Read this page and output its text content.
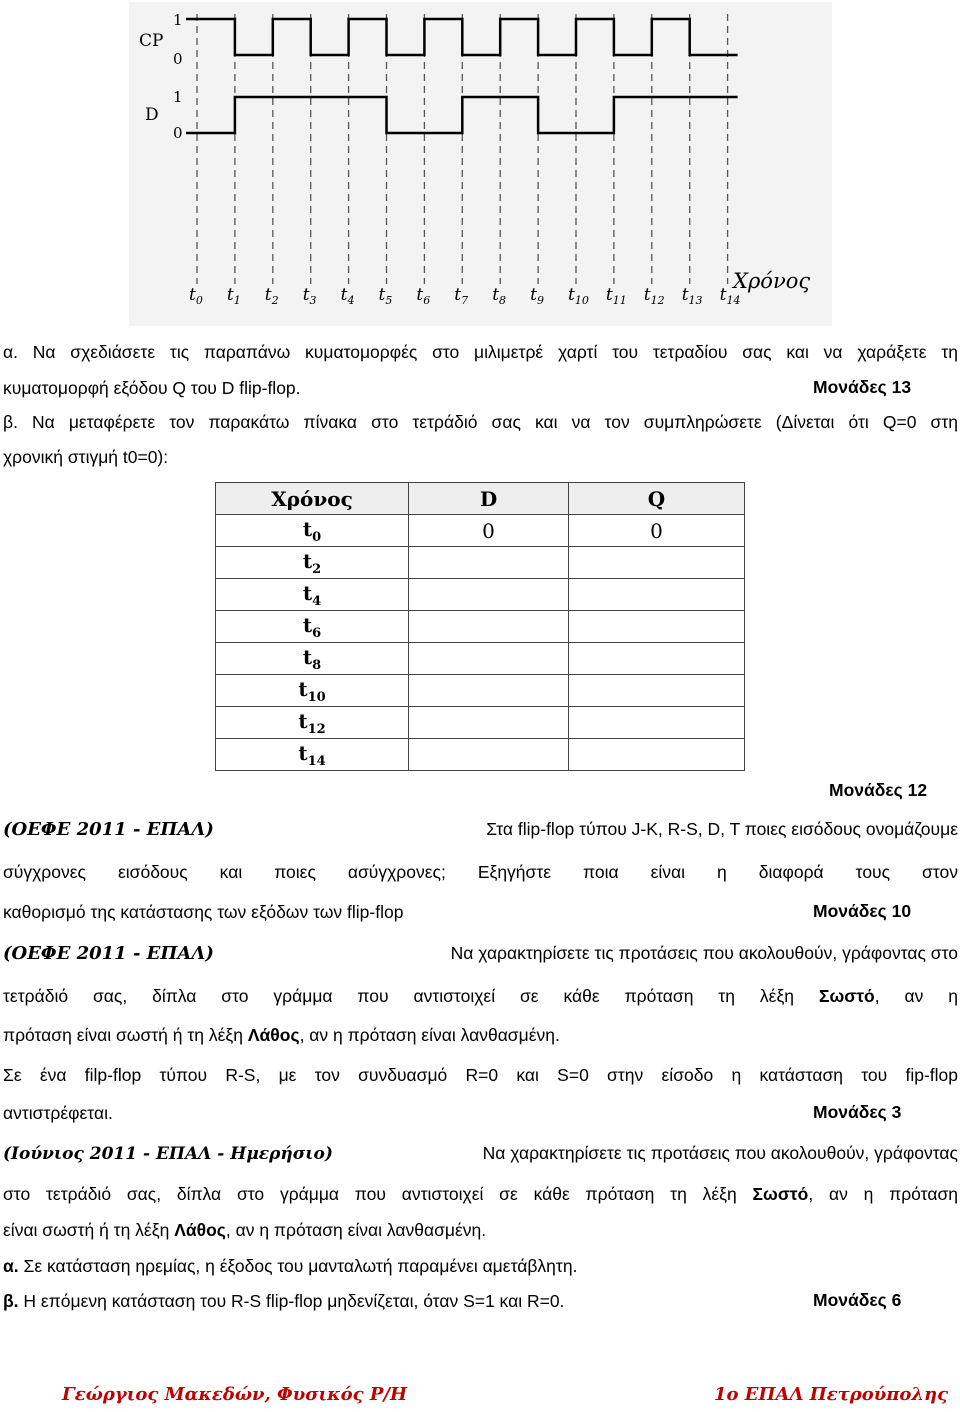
CP
1
0
D
1
0
$t_0$ $t_1$ $t_2$ $t_3$ $t_4$ $t_5$ $t_6$ $t_7$ $t_8$ $t_9$ $t_{10}$ $t_{11}$ $t_{12}$ $t_{13}$ $t_{14}$
Χρόνος
α. Να σχεδιάσετε τις παραπάνω κυματομορφές στο μιλιμετρέ χαρτί του τετραδίου σας και να χαράξετε τη
κυματομορφή εξόδου Q του D flip-flop.	Μονάδες 13
β. Να μεταφέρετε τον παρακάτω πίνακα στο τετράδιό σας και να τον συμπληρώσετε (Δίνεται ότι Q=0 στη
χρονική στιγμή t0=0):
Χρόνος	D	Q
$t_0$	0	0
$t_2$		
$t_4$		
$t_6$		
$t_8$		
$t_{10}$		
$t_{12}$		
$t_{14}$		
Μονάδες 12
(ΟΕΦΕ 2011 - ΕΠΑΛ)	Στα flip-flop τύπου J-K, R-S, D, T ποιες εισόδους ονομάζουμε
σύγχρονες εισόδους και ποιες ασύγχρονες; Εξηγήστε ποια είναι η διαφορά τους στον
καθορισμό της κατάστασης των εξόδων των flip-flop	Μονάδες 10
(ΟΕΦΕ 2011 - ΕΠΑΛ)	Να χαρακτηρίσετε τις προτάσεις που ακολουθούν, γράφοντας στο
τετράδιό σας, δίπλα στο γράμμα που αντιστοιχεί σε κάθε πρόταση τη λέξη Σωστό, αν η
πρόταση είναι σωστή ή τη λέξη Λάθος, αν η πρόταση είναι λανθασμένη.
Σε ένα filp-flop τύπου R-S, με τον συνδυασμό R=0 και S=0 στην είσοδο η κατάσταση του fip-flop
αντιστρέφεται.	Μονάδες 3
(Ιούνιος 2011 - ΕΠΑΛ - Ημερήσιο)	Να χαρακτηρίσετε τις προτάσεις που ακολουθούν, γράφοντας
στο τετράδιό σας, δίπλα στο γράμμα που αντιστοιχεί σε κάθε πρόταση τη λέξη Σωστό, αν η πρόταση
είναι σωστή ή τη λέξη Λάθος, αν η πρόταση είναι λανθασμένη.
α. Σε κατάσταση ηρεμίας, η έξοδος του μανταλωτή παραμένει αμετάβλητη.
β. Η επόμενη κατάσταση του R-S flip-flop μηδενίζεται, όταν S=1 και R=0.	Μονάδες 6
Γεώργιος Μακεδών, Φυσικός Ρ/Η	1ο ΕΠΑΛ Πετρούπολης
